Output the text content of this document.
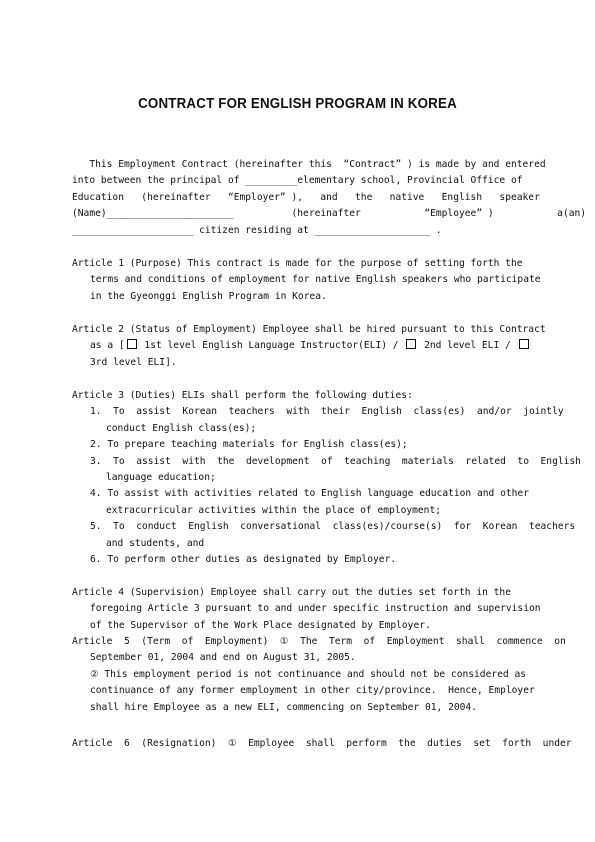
CONTRACT FOR ENGLISH PROGRAM IN KOREA
This Employment Contract (hereinafter this  “Contract” ) is made by and entered
into between the principal of _________elementary school, Provincial Office of
Education   (hereinafter   “Employer” ),   and   the   native   English   speaker
(Name)______________________          (hereinafter           “Employee” )           a(an)
_____________________ citizen residing at ____________________ .
Article 1 (Purpose) This contract is made for the purpose of setting forth the
terms and conditions of employment for native English speakers who participate
in the Gyeonggi English Program in Korea.
Article 2 (Status of Employment) Employee shall be hired pursuant to this Contract
as a [ 1st level English Language Instructor(ELI) /  2nd level ELI /
3rd level ELI].
Article 3 (Duties) ELIs shall perform the following duties:
1.  To  assist  Korean  teachers  with  their  English  class(es)  and/or  jointly
conduct English class(es);
2. To prepare teaching materials for English class(es);
3.  To  assist  with  the  development  of  teaching  materials  related  to  English
language education;
4. To assist with activities related to English language education and other
extracurricular activities within the place of employment;
5.  To  conduct  English  conversational  class(es)/course(s)  for  Korean  teachers
and students, and
6. To perform other duties as designated by Employer.
Article 4 (Supervision) Employee shall carry out the duties set forth in the
foregoing Article 3 pursuant to and under specific instruction and supervision
of the Supervisor of the Work Place designated by Employer.
Article  5  (Term  of  Employment)  ①  The  Term  of  Employment  shall  commence  on
September 01, 2004 and end on August 31, 2005.
② This employment period is not continuance and should not be considered as
continuance of any former employment in other city/province.  Hence, Employer
shall hire Employee as a new ELI, commencing on September 01, 2004.
Article  6  (Resignation)  ①  Employee  shall  perform  the  duties  set  forth  under
